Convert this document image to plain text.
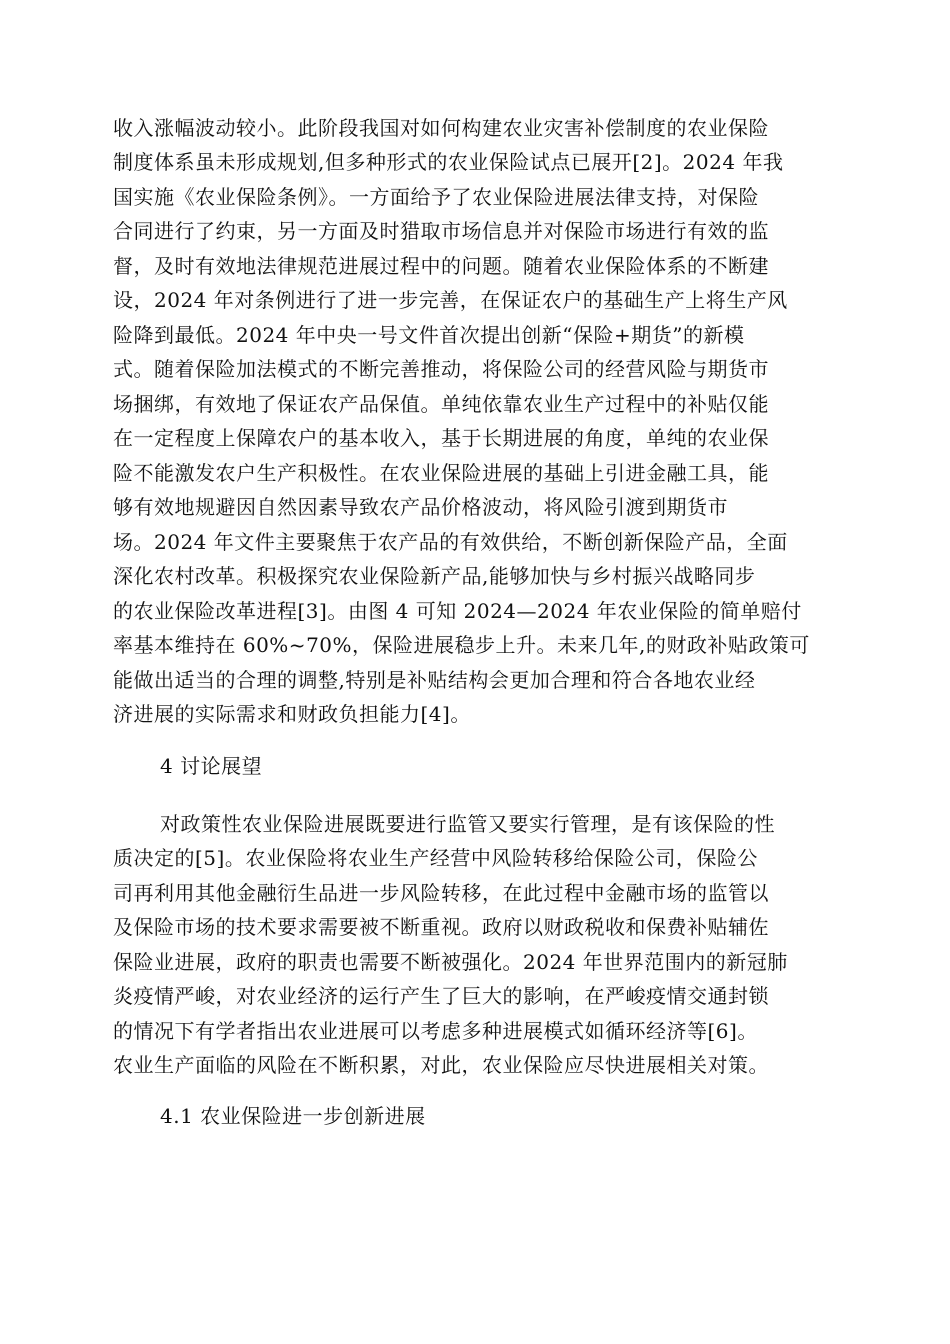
收入涨幅波动较小。此阶段我国对如何构建农业灾害补偿制度的农业保险
制度体系虽未形成规划,但多种形式的农业保险试点已展开[2]。2024 年我
国实施《农业保险条例》。一方面给予了农业保险进展法律支持，对保险
合同进行了约束，另一方面及时猎取市场信息并对保险市场进行有效的监
督，及时有效地法律规范进展过程中的问题。随着农业保险体系的不断建
设，2024 年对条例进行了进一步完善，在保证农户的基础生产上将生产风
险降到最低。2024 年中央一号文件首次提出创新“保险+期货”的新模
式。随着保险加法模式的不断完善推动，将保险公司的经营风险与期货市
场捆绑，有效地了保证农产品保值。单纯依靠农业生产过程中的补贴仅能
在一定程度上保障农户的基本收入，基于长期进展的角度，单纯的农业保
险不能激发农户生产积极性。在农业保险进展的基础上引进金融工具，能
够有效地规避因自然因素导致农产品价格波动，将风险引渡到期货市
场。2024 年文件主要聚焦于农产品的有效供给，不断创新保险产品，全面
深化农村改革。积极探究农业保险新产品,能够加快与乡村振兴战略同步
的农业保险改革进程[3]。由图 4 可知 2024—2024 年农业保险的简单赔付
率基本维持在 60%~70%，保险进展稳步上升。未来几年,的财政补贴政策可
能做出适当的合理的调整,特别是补贴结构会更加合理和符合各地农业经
济进展的实际需求和财政负担能力[4]。
4 讨论展望
对政策性农业保险进展既要进行监管又要实行管理，是有该保险的性
质决定的[5]。农业保险将农业生产经营中风险转移给保险公司，保险公
司再利用其他金融衍生品进一步风险转移，在此过程中金融市场的监管以
及保险市场的技术要求需要被不断重视。政府以财政税收和保费补贴辅佐
保险业进展，政府的职责也需要不断被强化。2024 年世界范围内的新冠肺
炎疫情严峻，对农业经济的运行产生了巨大的影响，在严峻疫情交通封锁
的情况下有学者指出农业进展可以考虑多种进展模式如循环经济等[6]。
农业生产面临的风险在不断积累，对此，农业保险应尽快进展相关对策。
4.1 农业保险进一步创新进展
